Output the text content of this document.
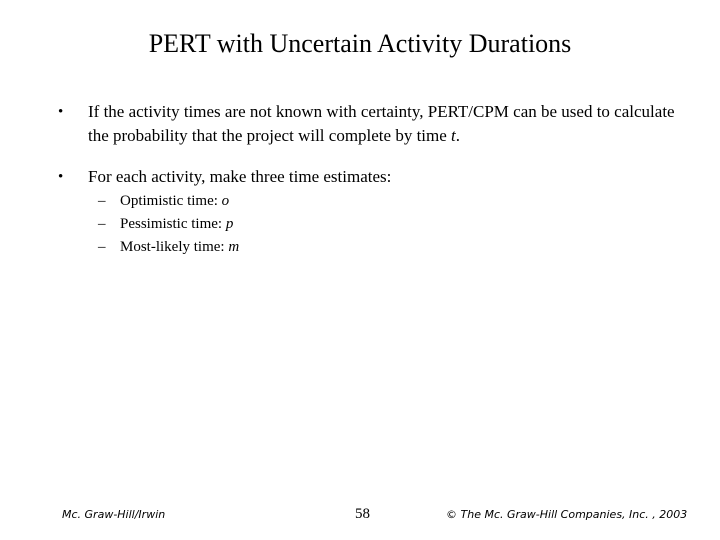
PERT with Uncertain Activity Durations
• If the activity times are not known with certainty, PERT/CPM can be used to calculate the probability that the project will complete by time t.
• For each activity, make three time estimates:
– Optimistic time: o
– Pessimistic time: p
– Most-likely time: m
Mc. Graw-Hill/Irwin	58	© The Mc. Graw-Hill Companies, Inc. , 2003
